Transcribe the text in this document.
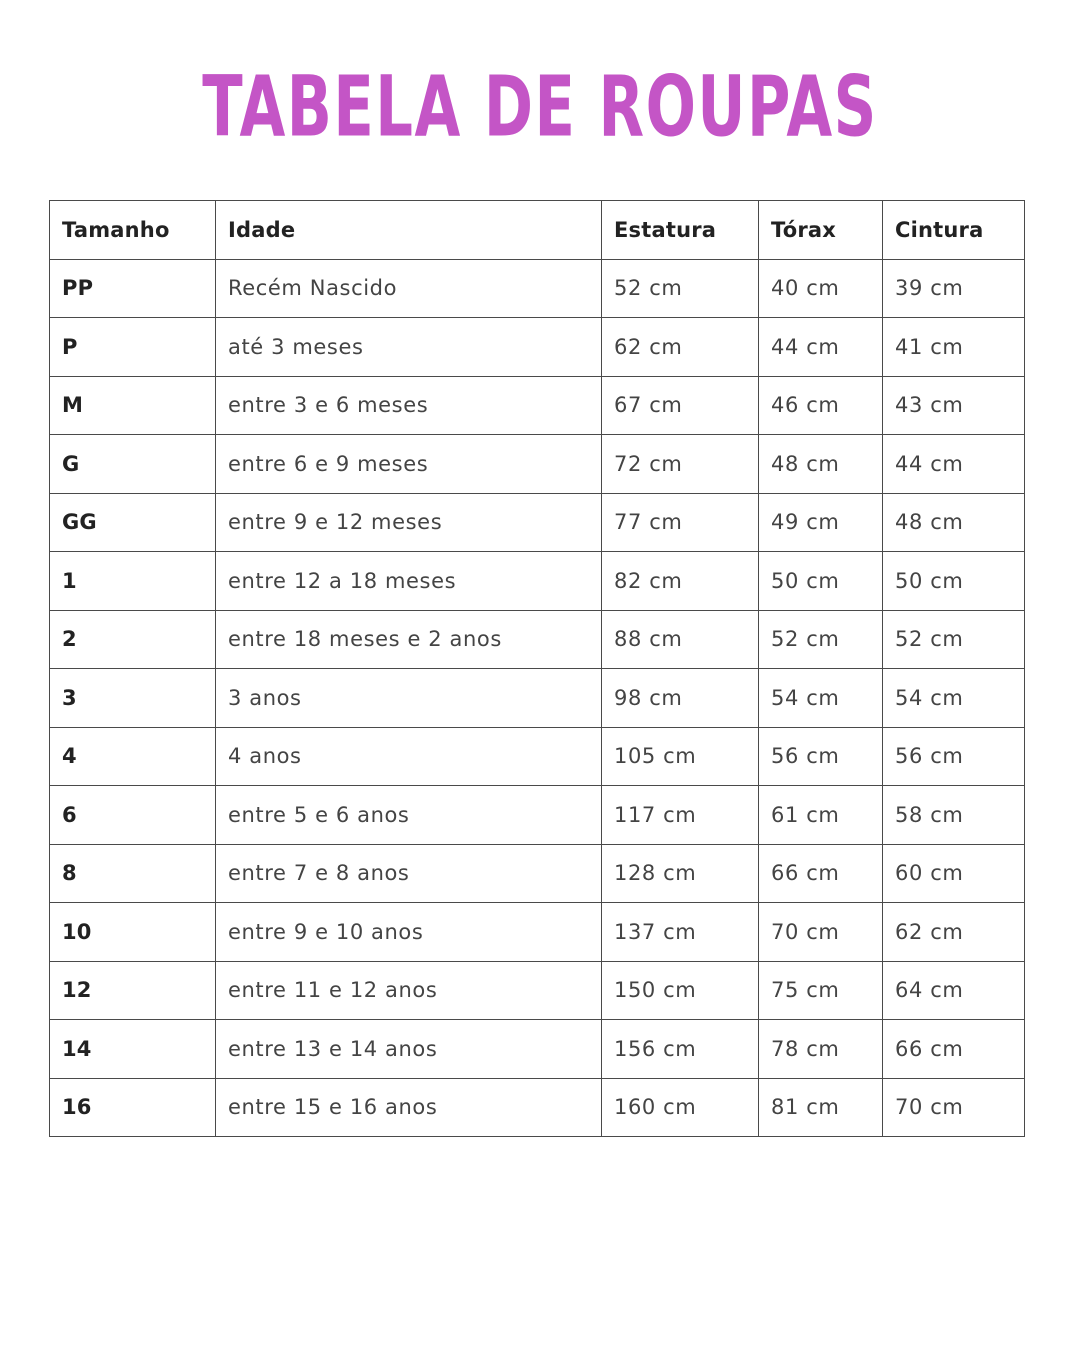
TABELA DE ROUPAS
Tamanho	Idade	Estatura	Tórax	Cintura
PP	Recém Nascido	52 cm	40 cm	39 cm
P	até 3 meses	62 cm	44 cm	41 cm
M	entre 3 e 6 meses	67 cm	46 cm	43 cm
G	entre 6 e 9 meses	72 cm	48 cm	44 cm
GG	entre 9 e 12 meses	77 cm	49 cm	48 cm
1	entre 12 a 18 meses	82 cm	50 cm	50 cm
2	entre 18 meses e 2 anos	88 cm	52 cm	52 cm
3	3 anos	98 cm	54 cm	54 cm
4	4 anos	105 cm	56 cm	56 cm
6	entre 5 e 6 anos	117 cm	61 cm	58 cm
8	entre 7 e 8 anos	128 cm	66 cm	60 cm
10	entre 9 e 10 anos	137 cm	70 cm	62 cm
12	entre 11 e 12 anos	150 cm	75 cm	64 cm
14	entre 13 e 14 anos	156 cm	78 cm	66 cm
16	entre 15 e 16 anos	160 cm	81 cm	70 cm
